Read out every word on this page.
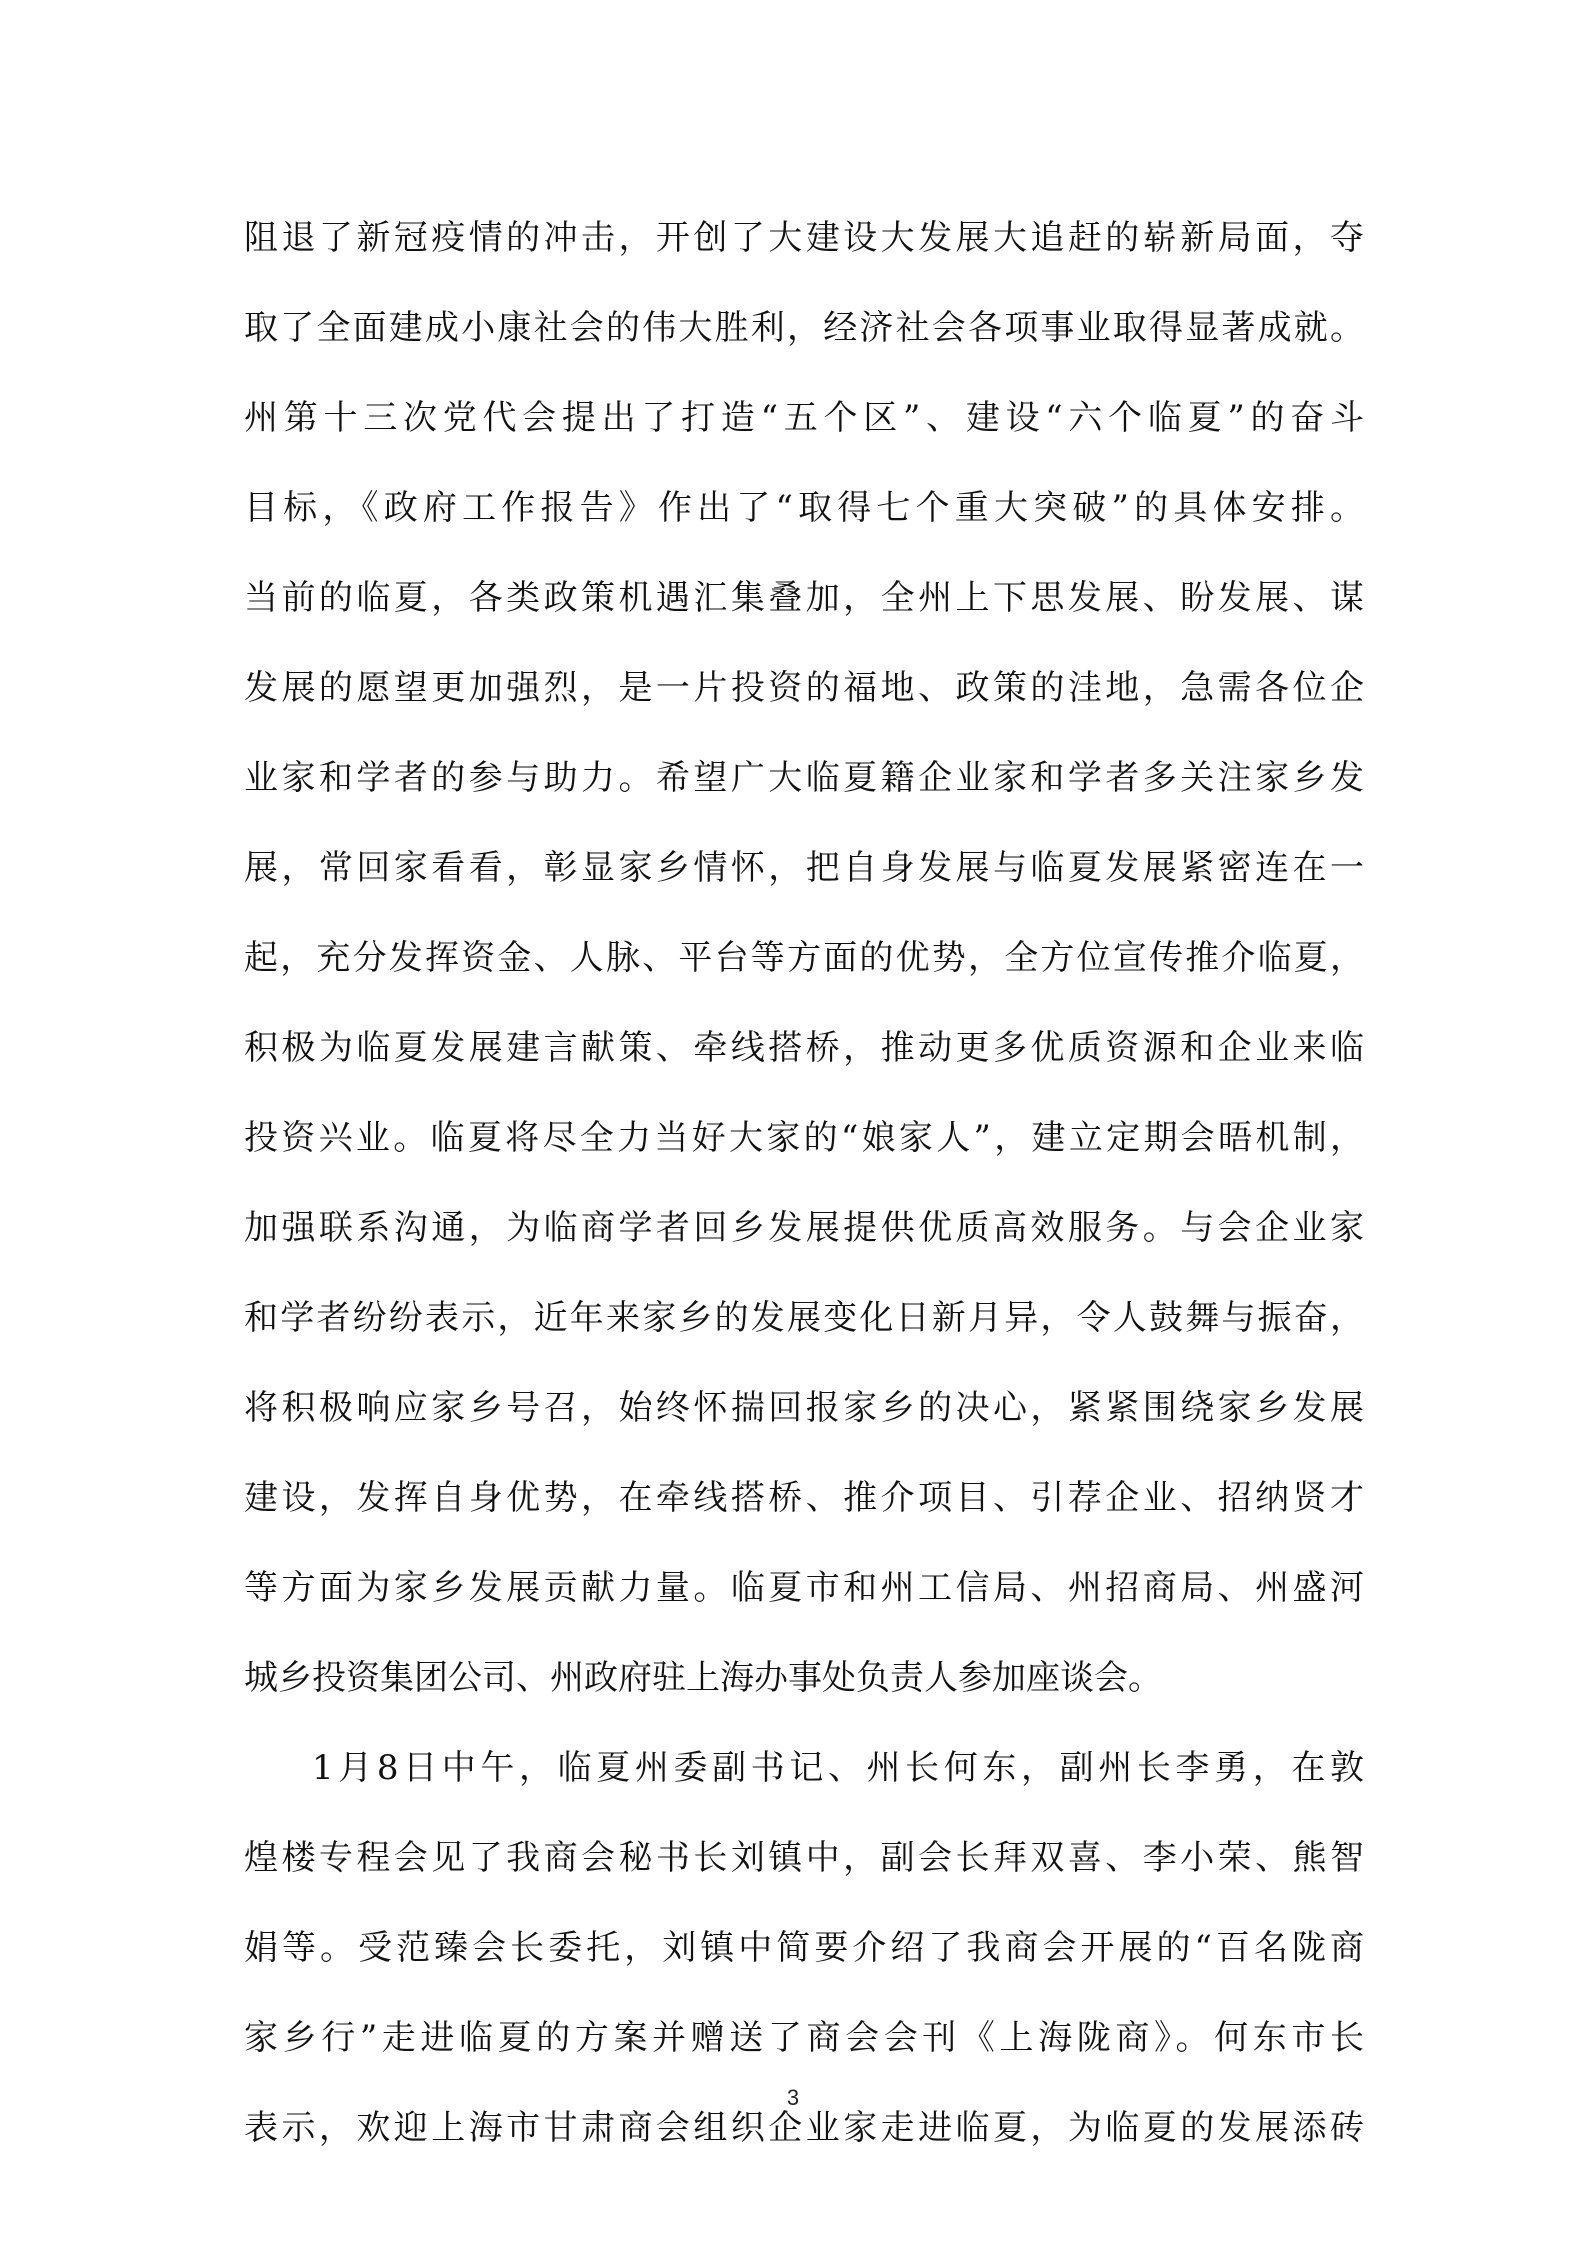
阻退了新冠疫情的冲击，开创了大建设大发展大追赶的崭新局面，夺
取了全面建成小康社会的伟大胜利，经济社会各项事业取得显著成就。
州第十三次党代会提出了打造“五个区”、建设“六个临夏”的奋斗
目标，《政府工作报告》作出了“取得七个重大突破”的具体安排。
当前的临夏，各类政策机遇汇集叠加，全州上下思发展、盼发展、谋
发展的愿望更加强烈，是一片投资的福地、政策的洼地，急需各位企
业家和学者的参与助力。希望广大临夏籍企业家和学者多关注家乡发
展，常回家看看，彰显家乡情怀，把自身发展与临夏发展紧密连在一
起，充分发挥资金、人脉、平台等方面的优势，全方位宣传推介临夏，
积极为临夏发展建言献策、牵线搭桥，推动更多优质资源和企业来临
投资兴业。临夏将尽全力当好大家的“娘家人”，建立定期会晤机制，
加强联系沟通，为临商学者回乡发展提供优质高效服务。与会企业家
和学者纷纷表示，近年来家乡的发展变化日新月异，令人鼓舞与振奋，
将积极响应家乡号召，始终怀揣回报家乡的决心，紧紧围绕家乡发展
建设，发挥自身优势，在牵线搭桥、推介项目、引荐企业、招纳贤才
等方面为家乡发展贡献力量。临夏市和州工信局、州招商局、州盛河
城乡投资集团公司、州政府驻上海办事处负责人参加座谈会。
1月8日中午，临夏州委副书记、州长何东，副州长李勇，在敦
煌楼专程会见了我商会秘书长刘镇中，副会长拜双喜、李小荣、熊智
娟等。受范臻会长委托，刘镇中简要介绍了我商会开展的“百名陇商
家乡行”走进临夏的方案并赠送了商会会刊《上海陇商》。何东市长
表示，欢迎上海市甘肃商会组织企业家走进临夏，为临夏的发展添砖
3
